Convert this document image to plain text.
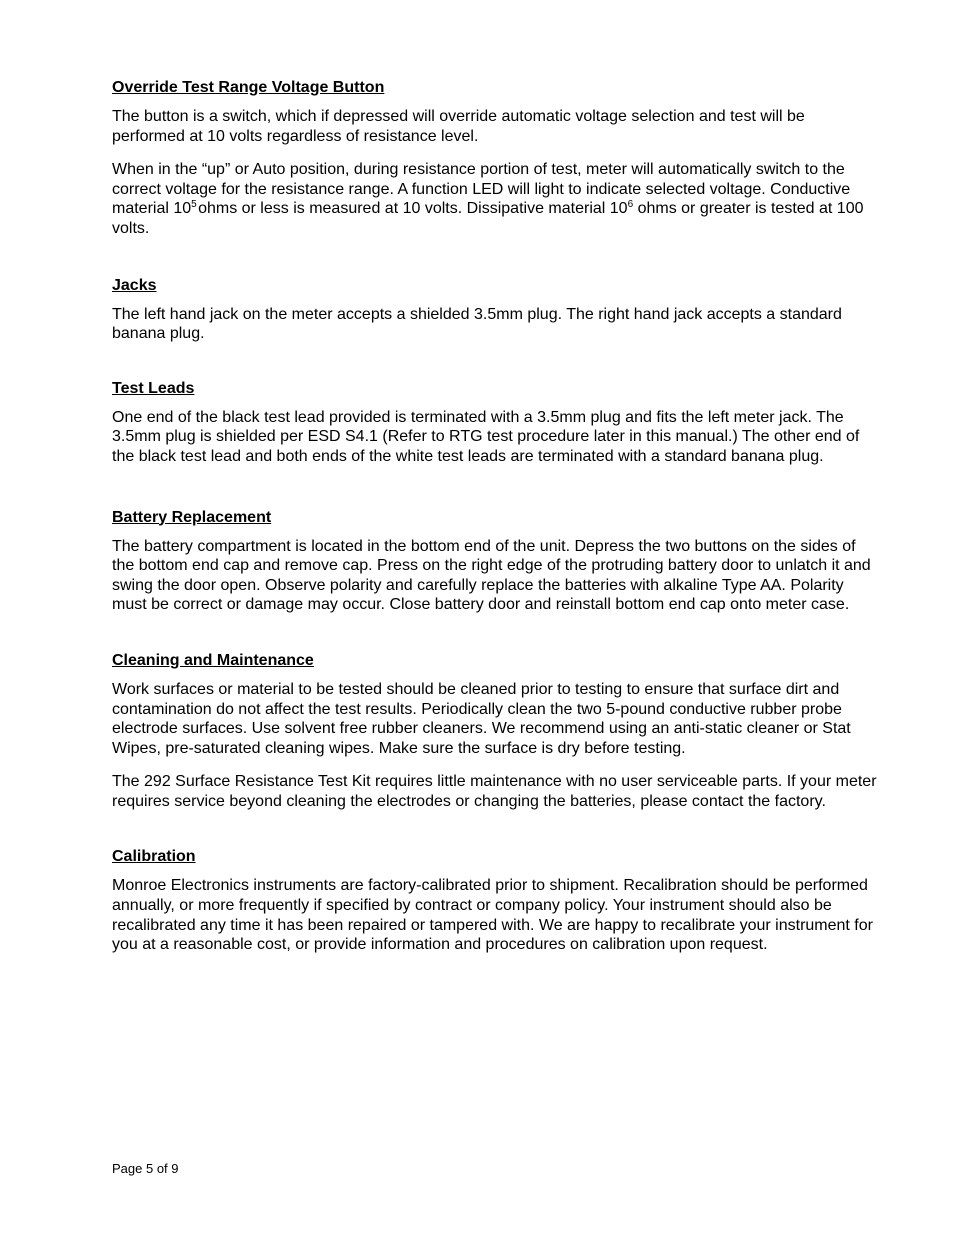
Override Test Range Voltage Button

The button is a switch, which if depressed will override automatic voltage selection and test will be performed at 10 volts regardless of resistance level.

When in the “up” or Auto position, during resistance portion of test, meter will automatically switch to the correct voltage for the resistance range. A function LED will light to indicate selected voltage. Conductive material $10^5$ ohms or less is measured at 10 volts. Dissipative material $10^6$ ohms or greater is tested at 100 volts.

Jacks

The left hand jack on the meter accepts a shielded 3.5mm plug. The right hand jack accepts a standard banana plug.

Test Leads

One end of the black test lead provided is terminated with a 3.5mm plug and fits the left meter jack. The 3.5mm plug is shielded per ESD S4.1 (Refer to RTG test procedure later in this manual.) The other end of the black test lead and both ends of the white test leads are terminated with a standard banana plug.

Battery Replacement

The battery compartment is located in the bottom end of the unit. Depress the two buttons on the sides of the bottom end cap and remove cap. Press on the right edge of the protruding battery door to unlatch it and swing the door open. Observe polarity and carefully replace the batteries with alkaline Type AA. Polarity must be correct or damage may occur. Close battery door and reinstall bottom end cap onto meter case.

Cleaning and Maintenance

Work surfaces or material to be tested should be cleaned prior to testing to ensure that surface dirt and contamination do not affect the test results. Periodically clean the two 5-pound conductive rubber probe electrode surfaces. Use solvent free rubber cleaners. We recommend using an anti-static cleaner or Stat Wipes, pre-saturated cleaning wipes. Make sure the surface is dry before testing.

The 292 Surface Resistance Test Kit requires little maintenance with no user serviceable parts. If your meter requires service beyond cleaning the electrodes or changing the batteries, please contact the factory.

Calibration

Monroe Electronics instruments are factory-calibrated prior to shipment. Recalibration should be performed annually, or more frequently if specified by contract or company policy. Your instrument should also be recalibrated any time it has been repaired or tampered with. We are happy to recalibrate your instrument for you at a reasonable cost, or provide information and procedures on calibration upon request.

Page 5 of 9
